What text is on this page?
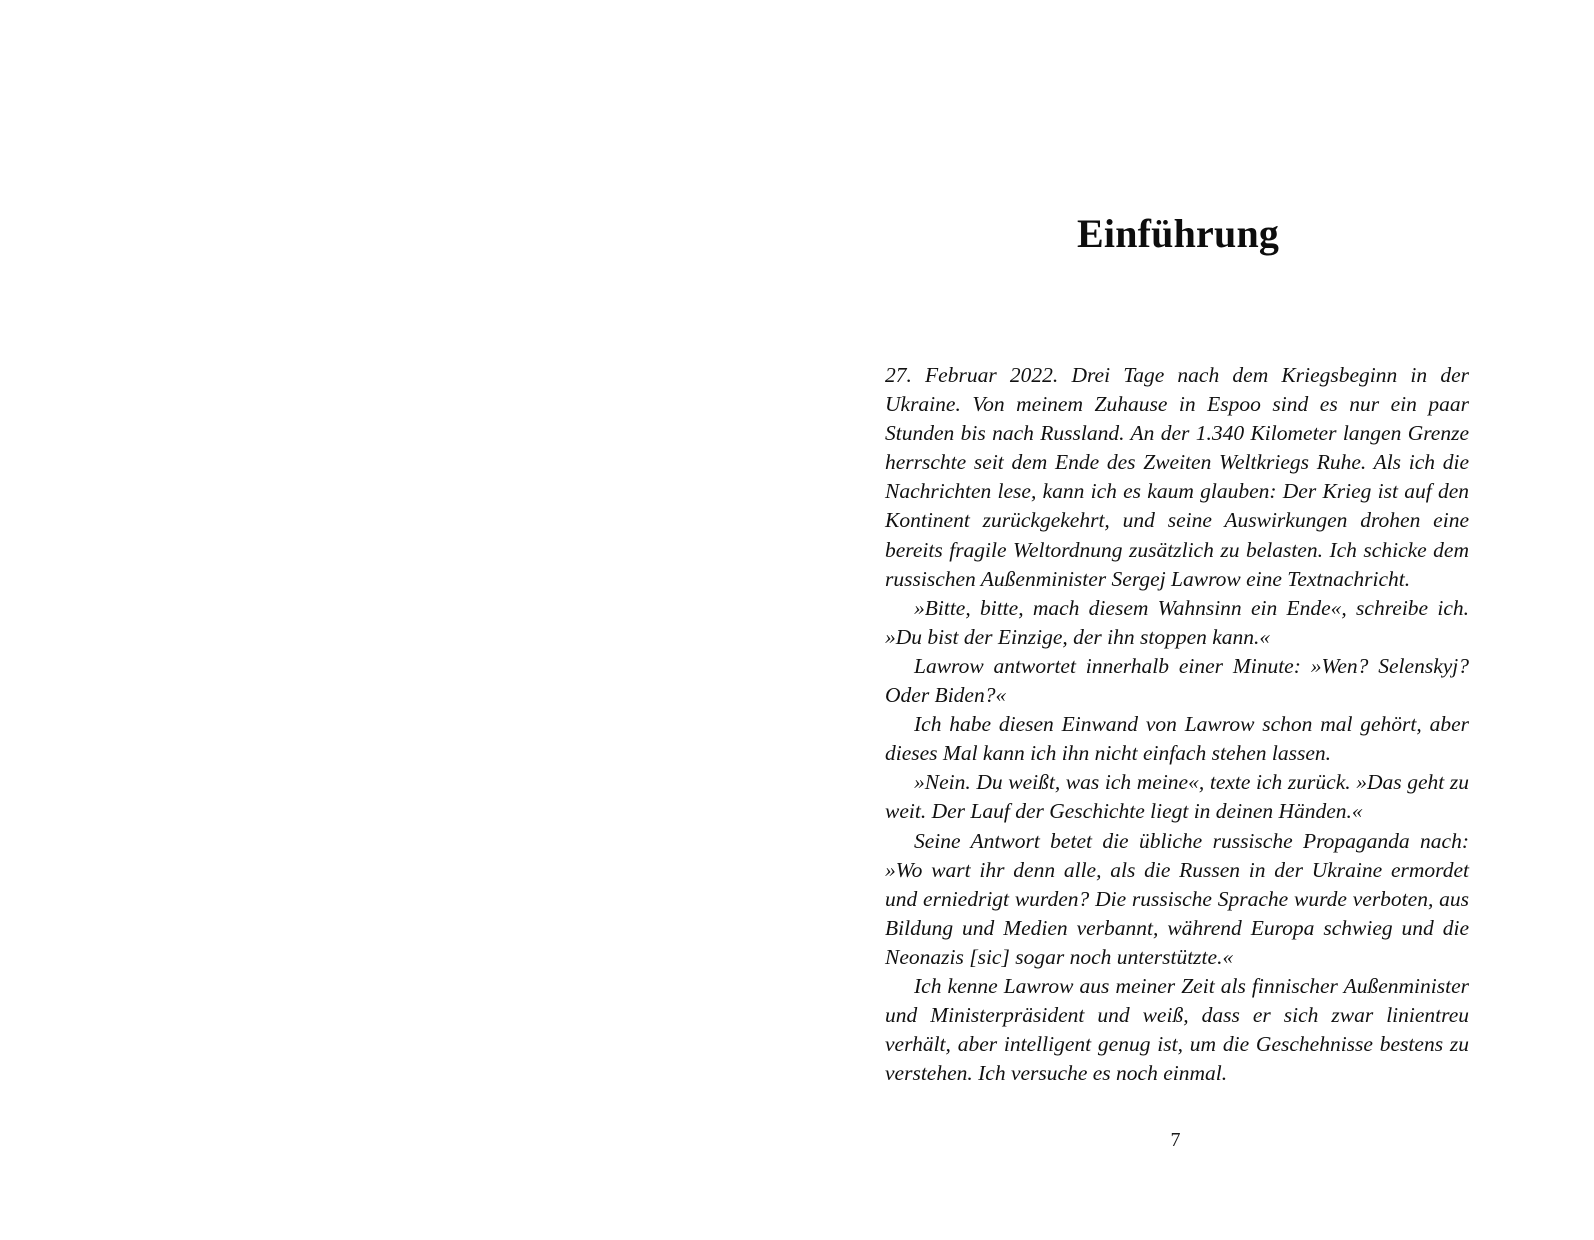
Einführung

27. Februar 2022. Drei Tage nach dem Kriegsbeginn in der Ukraine. Von meinem Zuhause in Espoo sind es nur ein paar Stunden bis nach Russland. An der 1.340 Kilometer langen Grenze herrschte seit dem Ende des Zweiten Weltkriegs Ruhe. Als ich die Nachrichten lese, kann ich es kaum glauben: Der Krieg ist auf den Kontinent zurückgekehrt, und seine Auswirkungen drohen eine bereits fragile Weltordnung zusätzlich zu belasten. Ich schicke dem russischen Außenminister Sergej Lawrow eine Textnachricht.

»Bitte, bitte, mach diesem Wahnsinn ein Ende«, schreibe ich. »Du bist der Einzige, der ihn stoppen kann.«

Lawrow antwortet innerhalb einer Minute: »Wen? Selenskyj? Oder Biden?«

Ich habe diesen Einwand von Lawrow schon mal gehört, aber dieses Mal kann ich ihn nicht einfach stehen lassen.

»Nein. Du weißt, was ich meine«, texte ich zurück. »Das geht zu weit. Der Lauf der Geschichte liegt in deinen Händen.«

Seine Antwort betet die übliche russische Propaganda nach: »Wo wart ihr denn alle, als die Russen in der Ukraine ermordet und erniedrigt wurden? Die russische Sprache wurde verboten, aus Bildung und Medien verbannt, während Europa schwieg und die Neonazis [sic] sogar noch unterstützte.«

Ich kenne Lawrow aus meiner Zeit als finnischer Außenminister und Ministerpräsident und weiß, dass er sich zwar linientreu verhält, aber intelligent genug ist, um die Geschehnisse bestens zu verstehen. Ich versuche es noch einmal.

7
